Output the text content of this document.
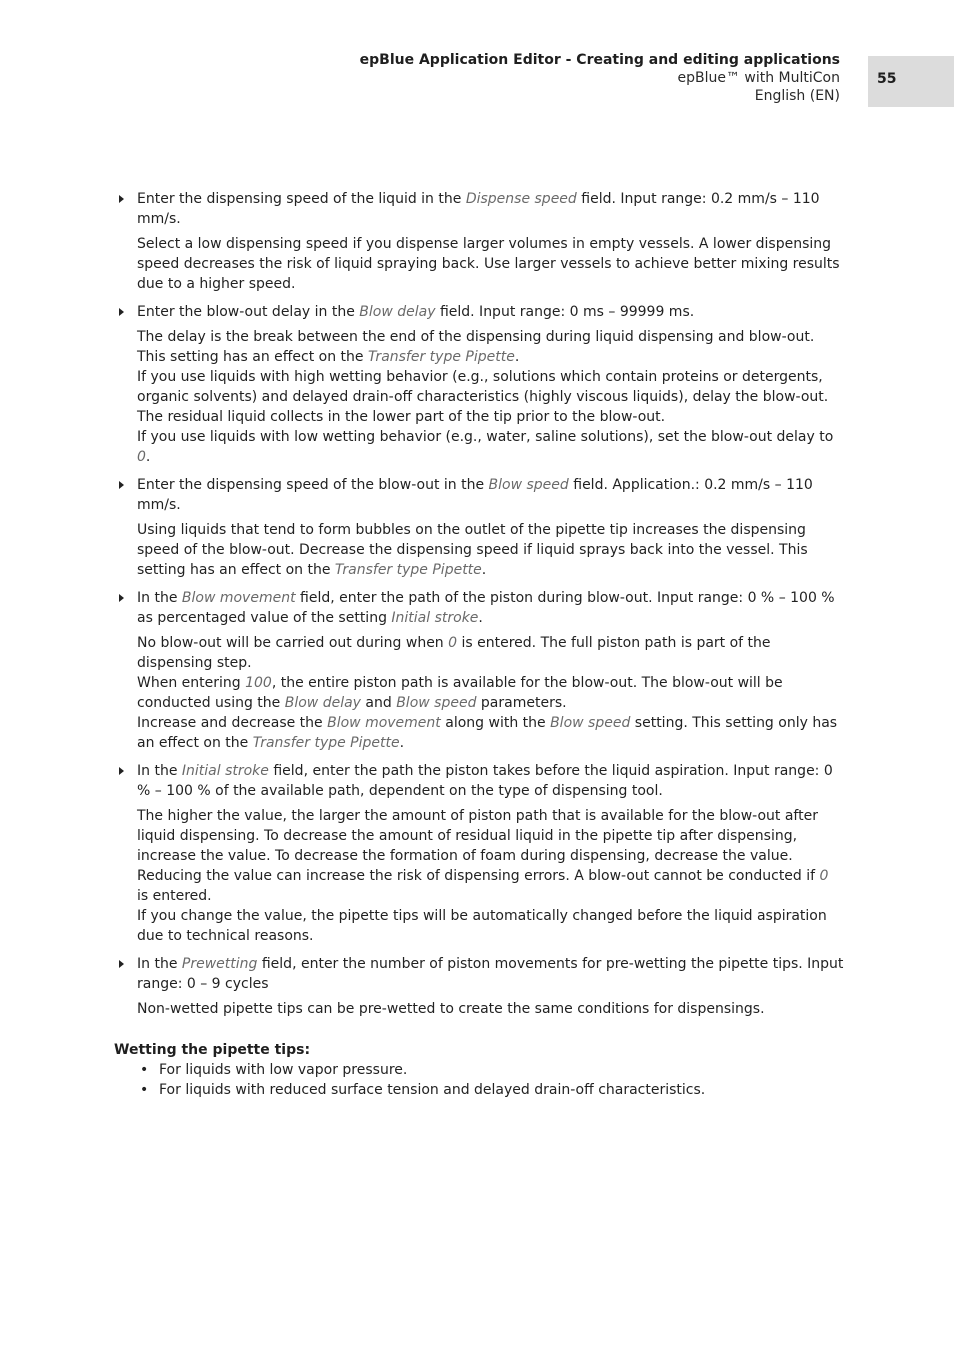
epBlue Application Editor - Creating and editing applications
epBlue™ with MultiCon
English (EN)
55

Enter the dispensing speed of the liquid in the Dispense speed field. Input range: 0.2 mm/s – 110 mm/s.

Select a low dispensing speed if you dispense larger volumes in empty vessels. A lower dispensing speed decreases the risk of liquid spraying back. Use larger vessels to achieve better mixing results due to a higher speed.

Enter the blow-out delay in the Blow delay field. Input range: 0 ms – 99999 ms.

The delay is the break between the end of the dispensing during liquid dispensing and blow-out. This setting has an effect on the Transfer type Pipette.

If you use liquids with high wetting behavior (e.g., solutions which contain proteins or detergents, organic solvents) and delayed drain-off characteristics (highly viscous liquids), delay the blow-out. The residual liquid collects in the lower part of the tip prior to the blow-out.

If you use liquids with low wetting behavior (e.g., water, saline solutions), set the blow-out delay to 0.

Enter the dispensing speed of the blow-out in the Blow speed field. Application.: 0.2 mm/s – 110 mm/s.

Using liquids that tend to form bubbles on the outlet of the pipette tip increases the dispensing speed of the blow-out. Decrease the dispensing speed if liquid sprays back into the vessel. This setting has an effect on the Transfer type Pipette.

In the Blow movement field, enter the path of the piston during blow-out. Input range: 0 % – 100 % as percentaged value of the setting Initial stroke.

No blow-out will be carried out during when 0 is entered. The full piston path is part of the dispensing step.

When entering 100, the entire piston path is available for the blow-out. The blow-out will be conducted using the Blow delay and Blow speed parameters.

Increase and decrease the Blow movement along with the Blow speed setting. This setting only has an effect on the Transfer type Pipette.

In the Initial stroke field, enter the path the piston takes before the liquid aspiration. Input range: 0 % – 100 % of the available path, dependent on the type of dispensing tool.

The higher the value, the larger the amount of piston path that is available for the blow-out after liquid dispensing. To decrease the amount of residual liquid in the pipette tip after dispensing, increase the value. To decrease the formation of foam during dispensing, decrease the value. Reducing the value can increase the risk of dispensing errors. A blow-out cannot be conducted if 0 is entered.

If you change the value, the pipette tips will be automatically changed before the liquid aspiration due to technical reasons.

In the Prewetting field, enter the number of piston movements for pre-wetting the pipette tips. Input range: 0 – 9 cycles

Non-wetted pipette tips can be pre-wetted to create the same conditions for dispensings.

Wetting the pipette tips:
• For liquids with low vapor pressure.
• For liquids with reduced surface tension and delayed drain-off characteristics.
